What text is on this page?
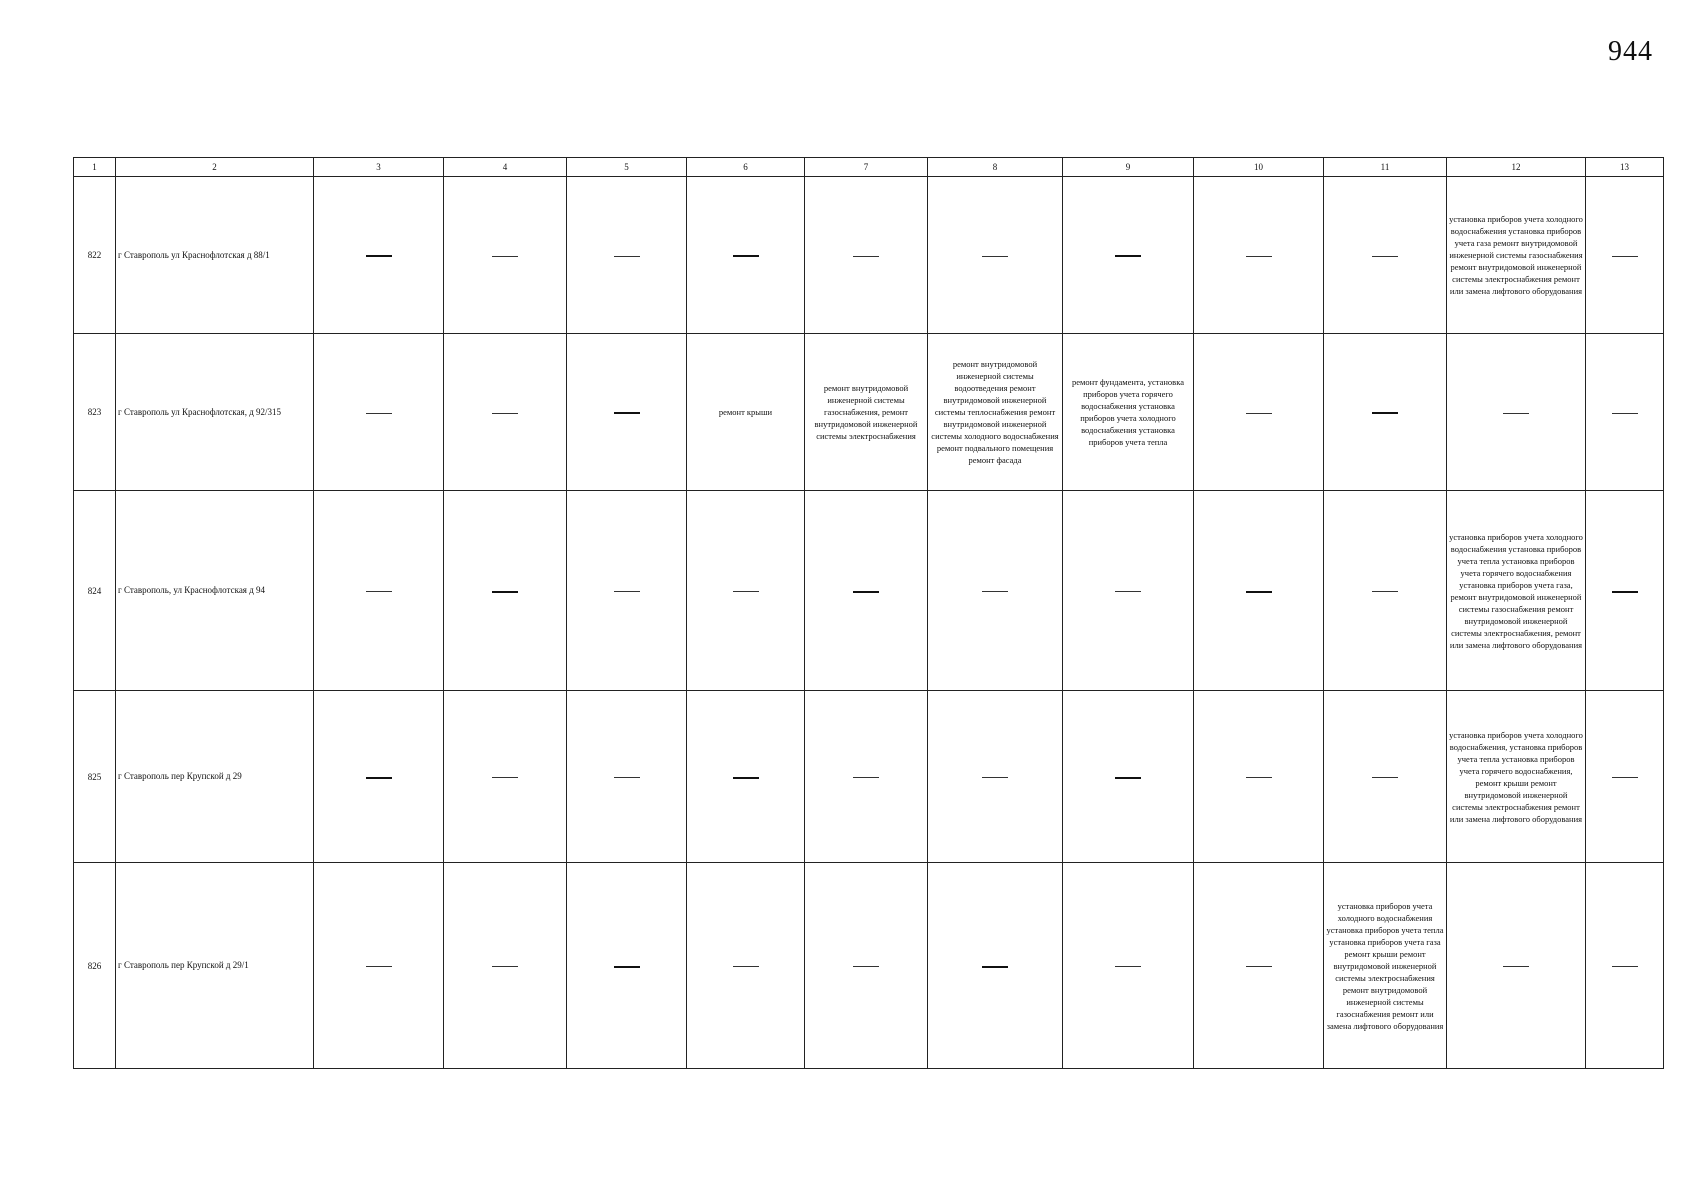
944
1	2	3	4	5	6	7	8	9	10	11	12	13
822	г Ставрополь ул Краснофлотская д 88/1										установка приборов учета холодного водоснабжения установка приборов учета газа ремонт внутридомовой инженерной системы газоснабжения ремонт внутридомовой инженерной системы электроснабжения ремонт или замена лифтового оборудования	

823	г Ставрополь ул Краснофлотская, д 92/315				ремонт крыши	ремонт внутридомовой инженерной системы газоснабжения, ремонт внутридомовой инженерной системы электроснабжения	ремонт внутридомовой инженерной системы водоотведения ремонт внутридомовой инженерной системы теплоснабжения ремонт внутридомовой инженерной системы холодного водоснабжения ремонт подвального помещения ремонт фасада	ремонт фундамента, установка приборов учета горячего водоснабжения установка приборов учета холодного водоснабжения установка приборов учета тепла				

824	г Ставрополь, ул Краснофлотская д 94										установка приборов учета холодного водоснабжения установка приборов учета тепла установка приборов учета горячего водоснабжения установка приборов учета газа, ремонт внутридомовой инженерной системы газоснабжения ремонт внутридомовой инженерной системы электроснабжения, ремонт или замена лифтового оборудования	

825	г Ставрополь пер Крупской д 29										установка приборов учета холодного водоснабжения, установка приборов учета тепла установка приборов учета горячего водоснабжения, ремонт крыши ремонт внутридомовой инженерной системы электроснабжения ремонт или замена лифтового оборудования	

826	г Ставрополь пер Крупской д 29/1									установка приборов учета холодного водоснабжения установка приборов учета тепла установка приборов учета газа ремонт крыши ремонт внутридомовой инженерной системы электроснабжения ремонт внутридомовой инженерной системы газоснабжения ремонт или замена лифтового оборудования		
